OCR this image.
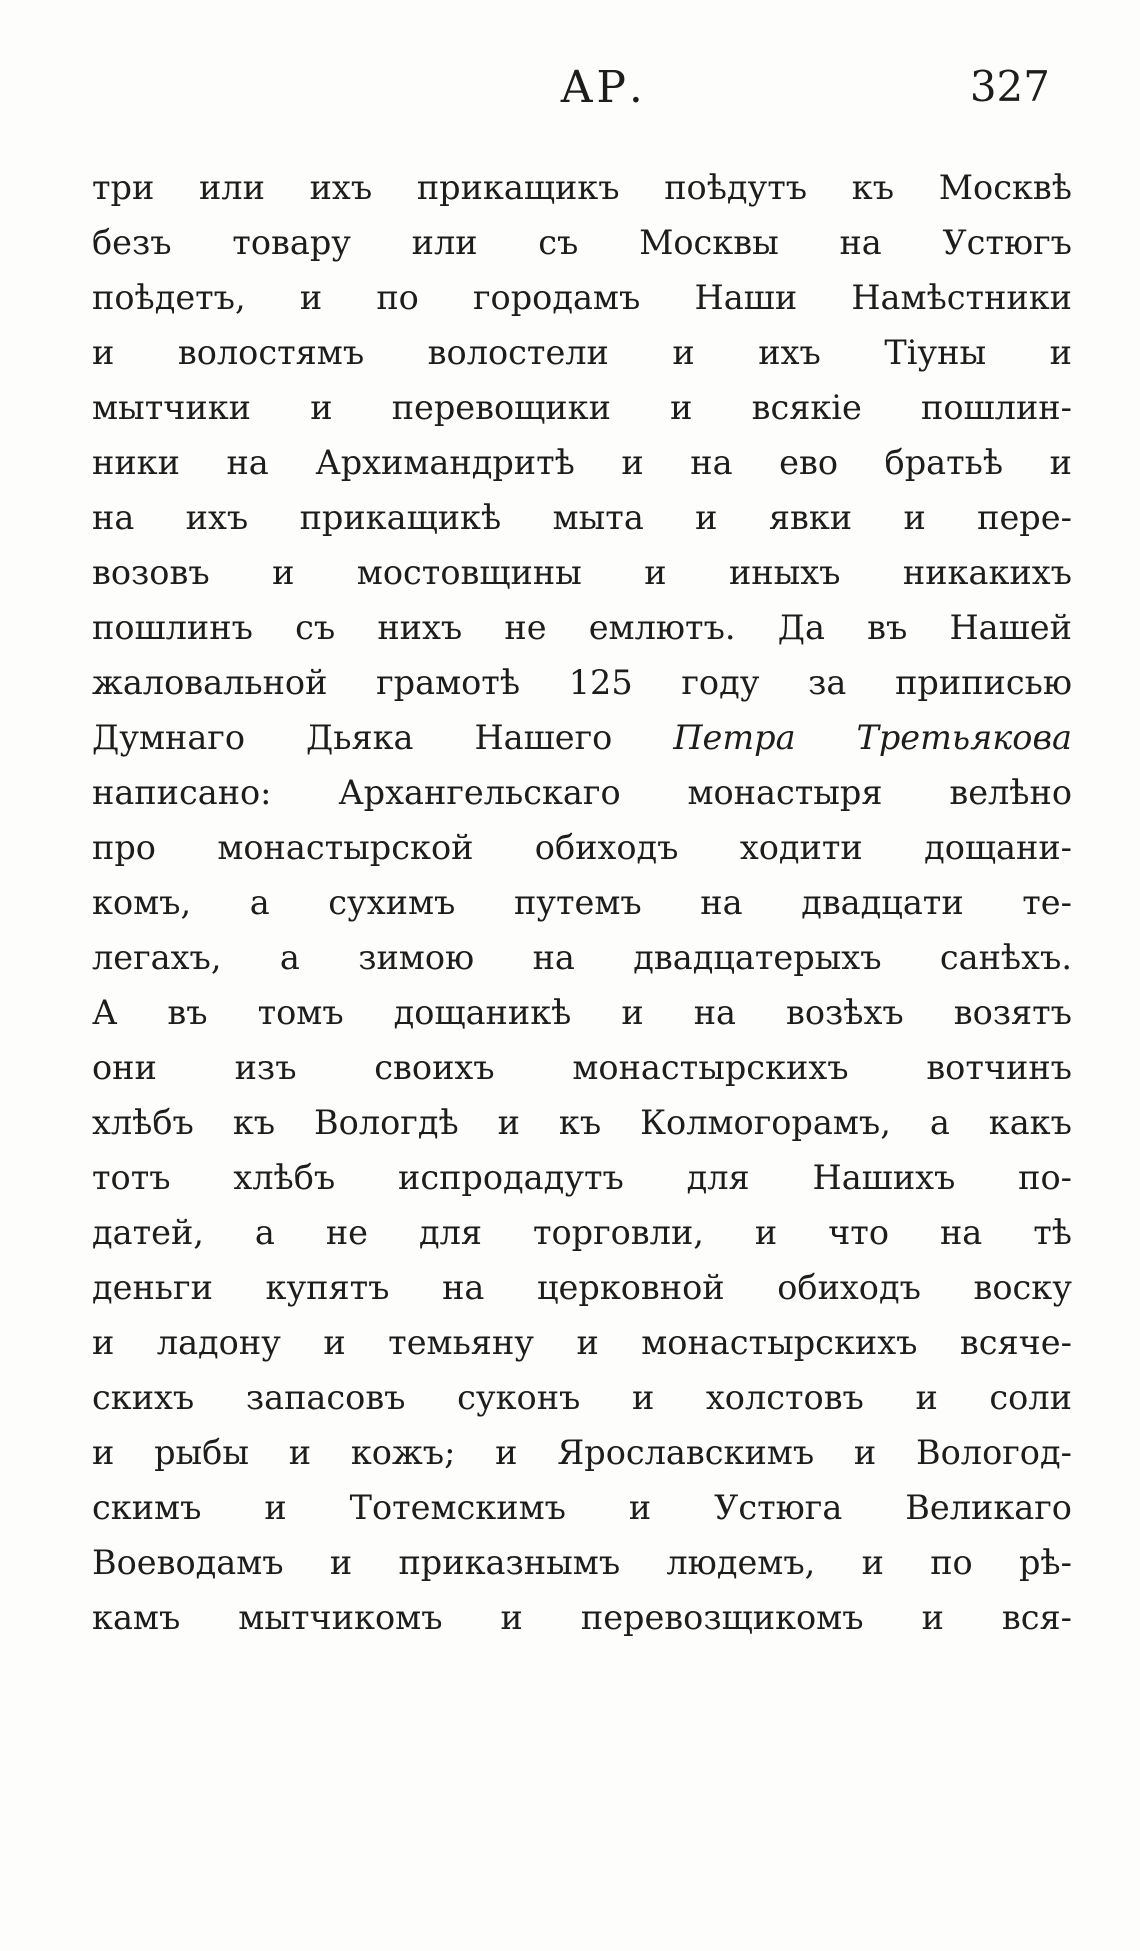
АР.	327
три или ихъ прикащикъ поѣдутъ къ Москвѣ
безъ товару или съ Москвы на Устюгъ
поѣдетъ, и по городамъ Наши Намѣстники
и волостямъ волостели и ихъ Тіуны и
мытчики и перевощики и всякіе пошлин-
ники на Архимандритѣ и на ево братьѣ и
на ихъ прикащикѣ мыта и явки и пере-
возовъ и мостовщины и иныхъ никакихъ
пошлинъ съ нихъ не емлютъ. Да въ Нашей
жаловальной грамотѣ 125 году за приписью
Думнаго Дьяка Нашего Петра Третьякова
написано: Архангельскаго монастыря велѣно
про монастырской обиходъ ходити дощани-
комъ, а сухимъ путемъ на двадцати те-
легахъ, а зимою на двадцатерыхъ санѣхъ.
А въ томъ дощаникѣ и на возѣхъ возятъ
они изъ своихъ монастырскихъ вотчинъ
хлѣбъ къ Вологдѣ и къ Колмогорамъ, а какъ
тотъ хлѣбъ испродадутъ для Нашихъ по-
датей, а не для торговли, и что на тѣ
деньги купятъ на церковной обиходъ воску
и ладону и темьяну и монастырскихъ всяче-
скихъ запасовъ суконъ и холстовъ и соли
и рыбы и кожъ; и Ярославскимъ и Вологод-
скимъ и Тотемскимъ и Устюга Великаго
Воеводамъ и приказнымъ людемъ, и по рѣ-
камъ мытчикомъ и перевозщикомъ и вся-
